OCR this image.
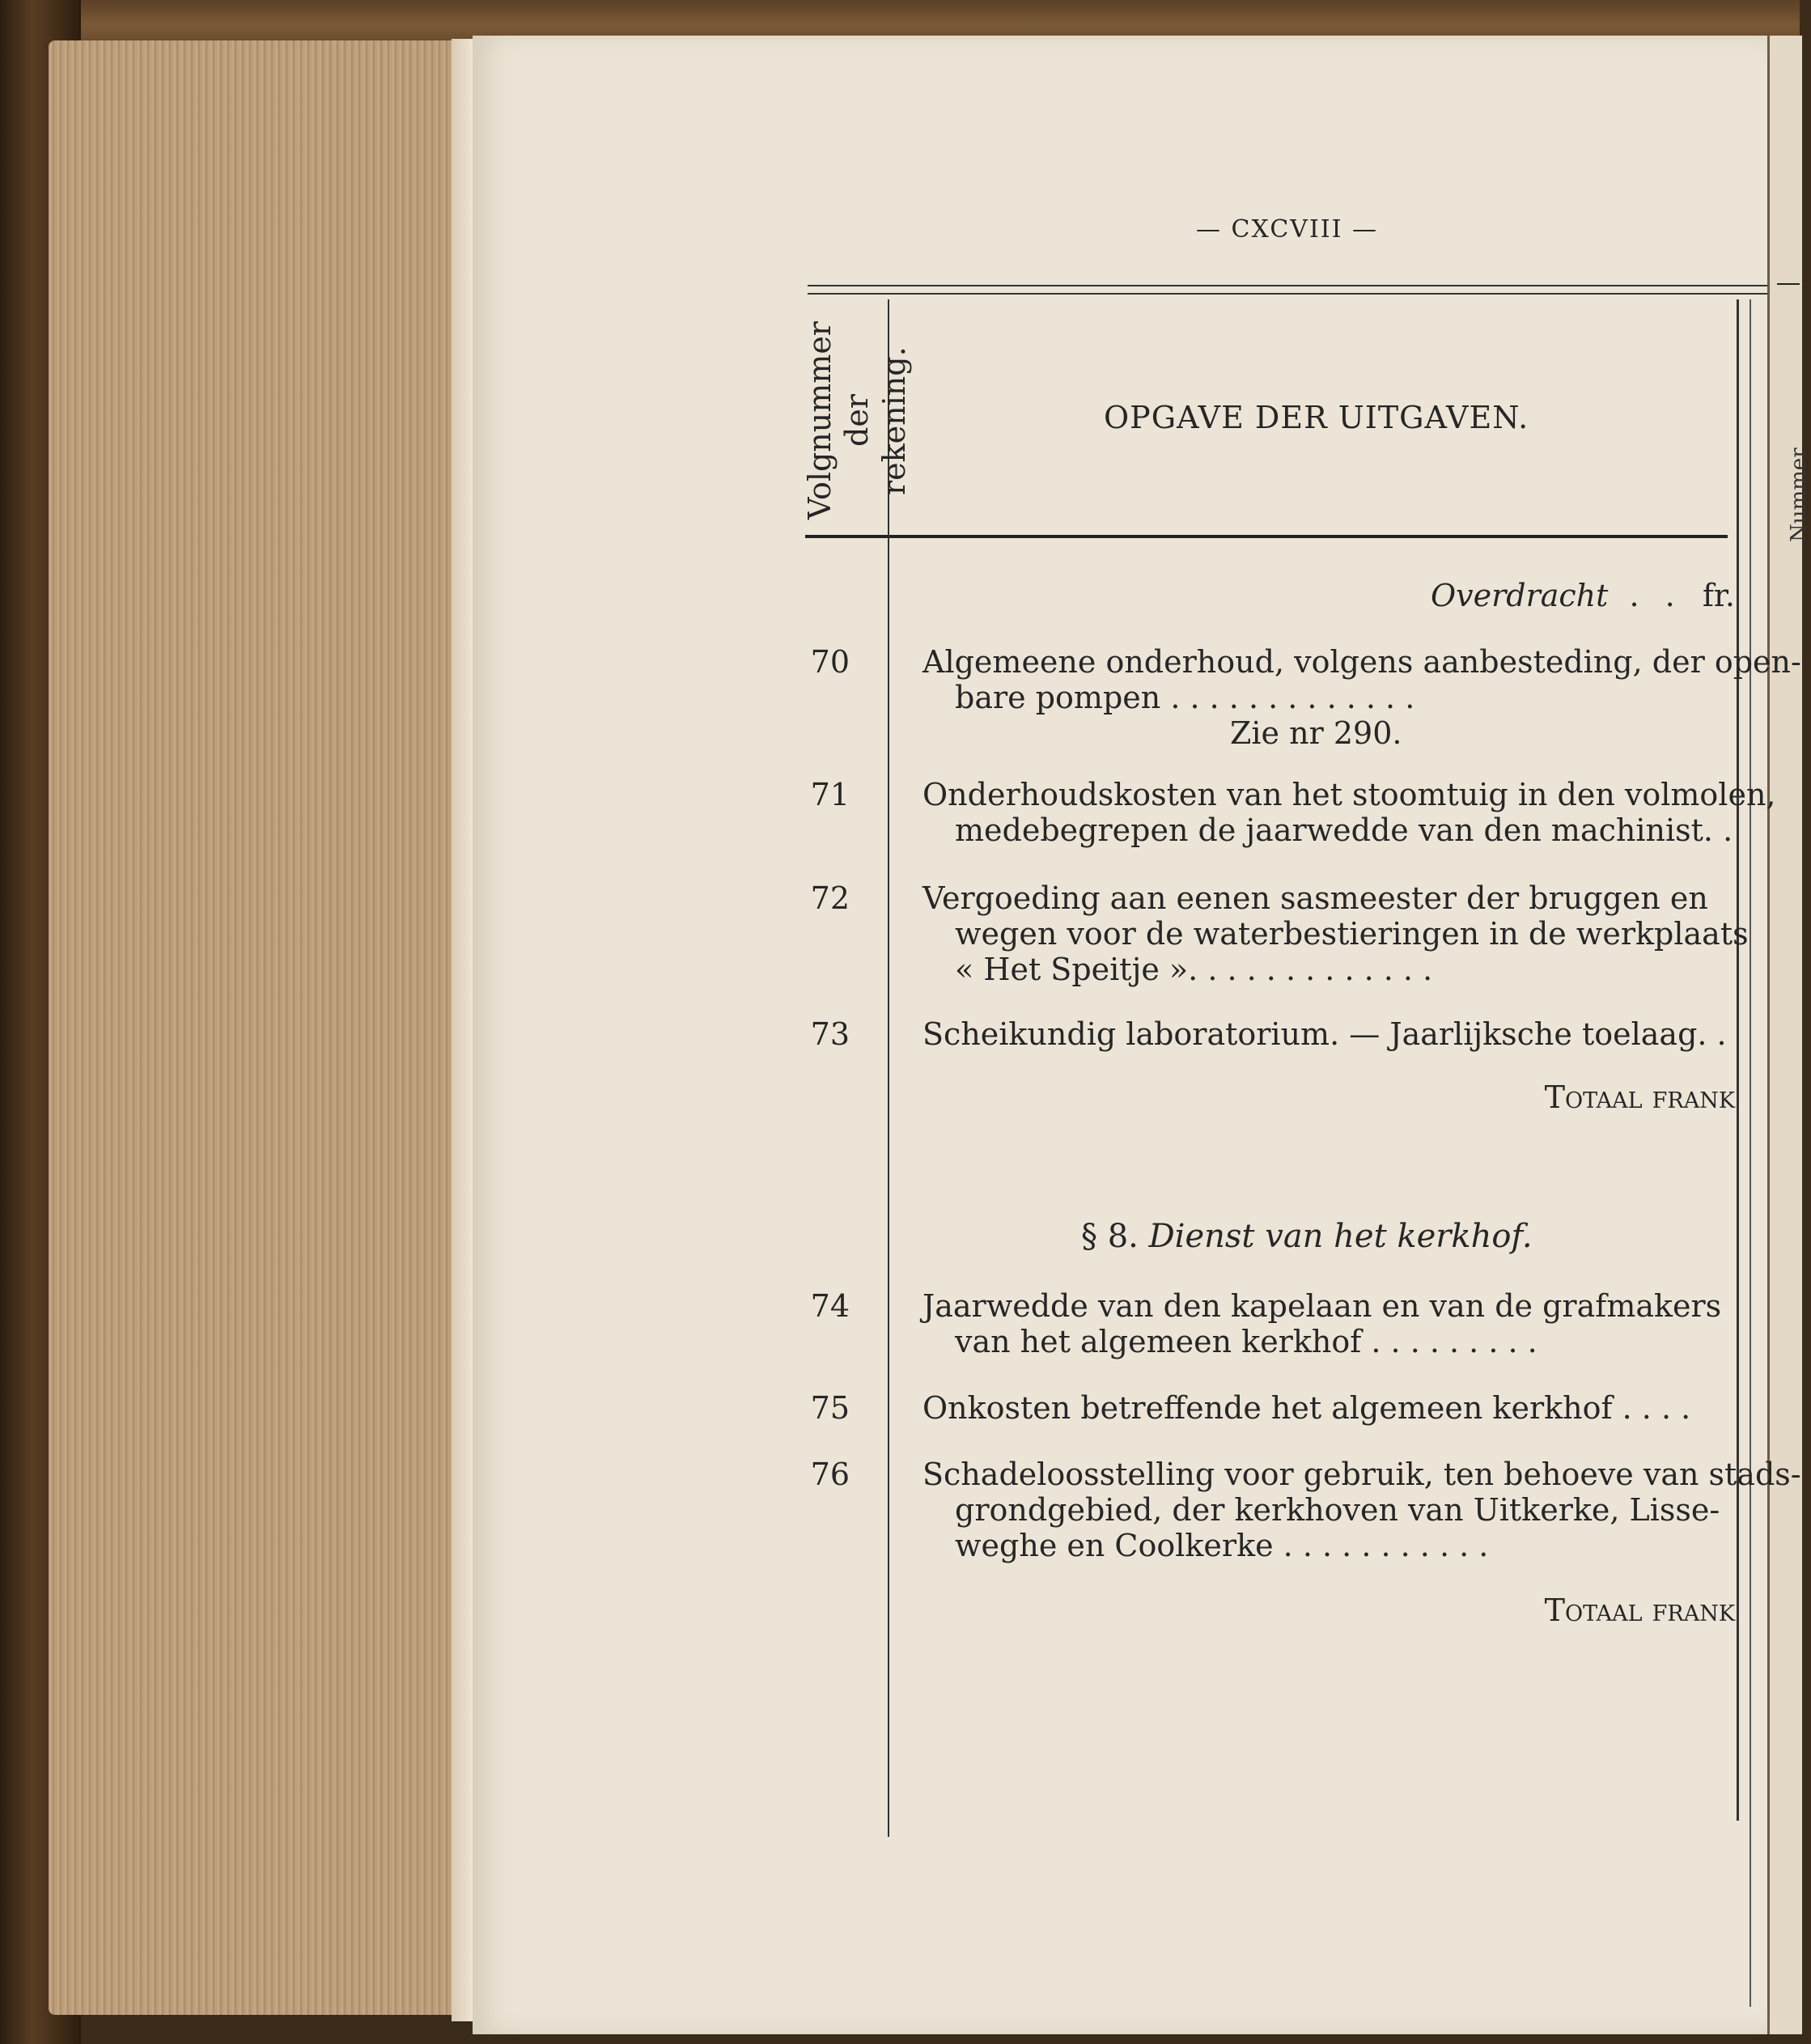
Nummer
— CXCVIII —
Volgnummer
der rekening.	OPGAVE DER UITGAVEN.
Overdracht . . fr.
70 Algemeene onderhoud, volgens aanbesteding, der open-
bare pompen . . . . . . . . . . . . .
Zie nr 290.
71 Onderhoudskosten van het stoomtuig in den volmolen,
medebegrepen de jaarwedde van den machinist. .
72 Vergoeding aan eenen sasmeester der bruggen en
wegen voor de waterbestieringen in de werkplaats
« Het Speitje ». . . . . . . . . . . . .
73 Scheikundig laboratorium. — Jaarlijksche toelaag. .
Totaal frank
§ 8. Dienst van het kerkhof.
74 Jaarwedde van den kapelaan en van de grafmakers
van het algemeen kerkhof . . . . . . . . .
75 Onkosten betreffende het algemeen kerkhof . . . .
76 Schadeloosstelling voor gebruik, ten behoeve van stads-
grondgebied, der kerkhoven van Uitkerke, Lisse-
weghe en Coolkerke . . . . . . . . . . .
Totaal frank
